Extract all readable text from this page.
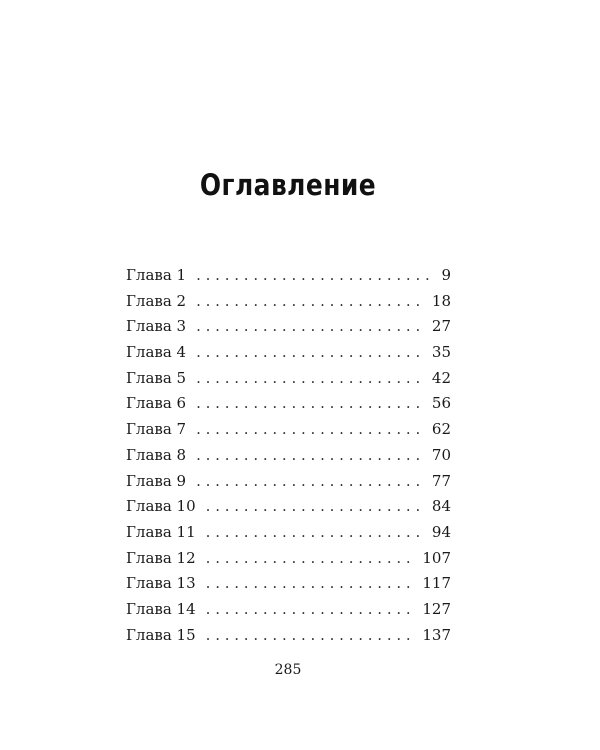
Оглавление
Глава 1 . . .	9
Глава 2 . . .	18
Глава 3 . . .	27
Глава 4 . . .	35
Глава 5 . . .	42
Глава 6 . . .	56
Глава 7 . . .	62
Глава 8 . . .	70
Глава 9 . . .	77
Глава 10 . . .	84
Глава 11 . . .	94
Глава 12 . . .	107
Глава 13 . . .	117
Глава 14 . . .	127
Глава 15 . . .	137
285
